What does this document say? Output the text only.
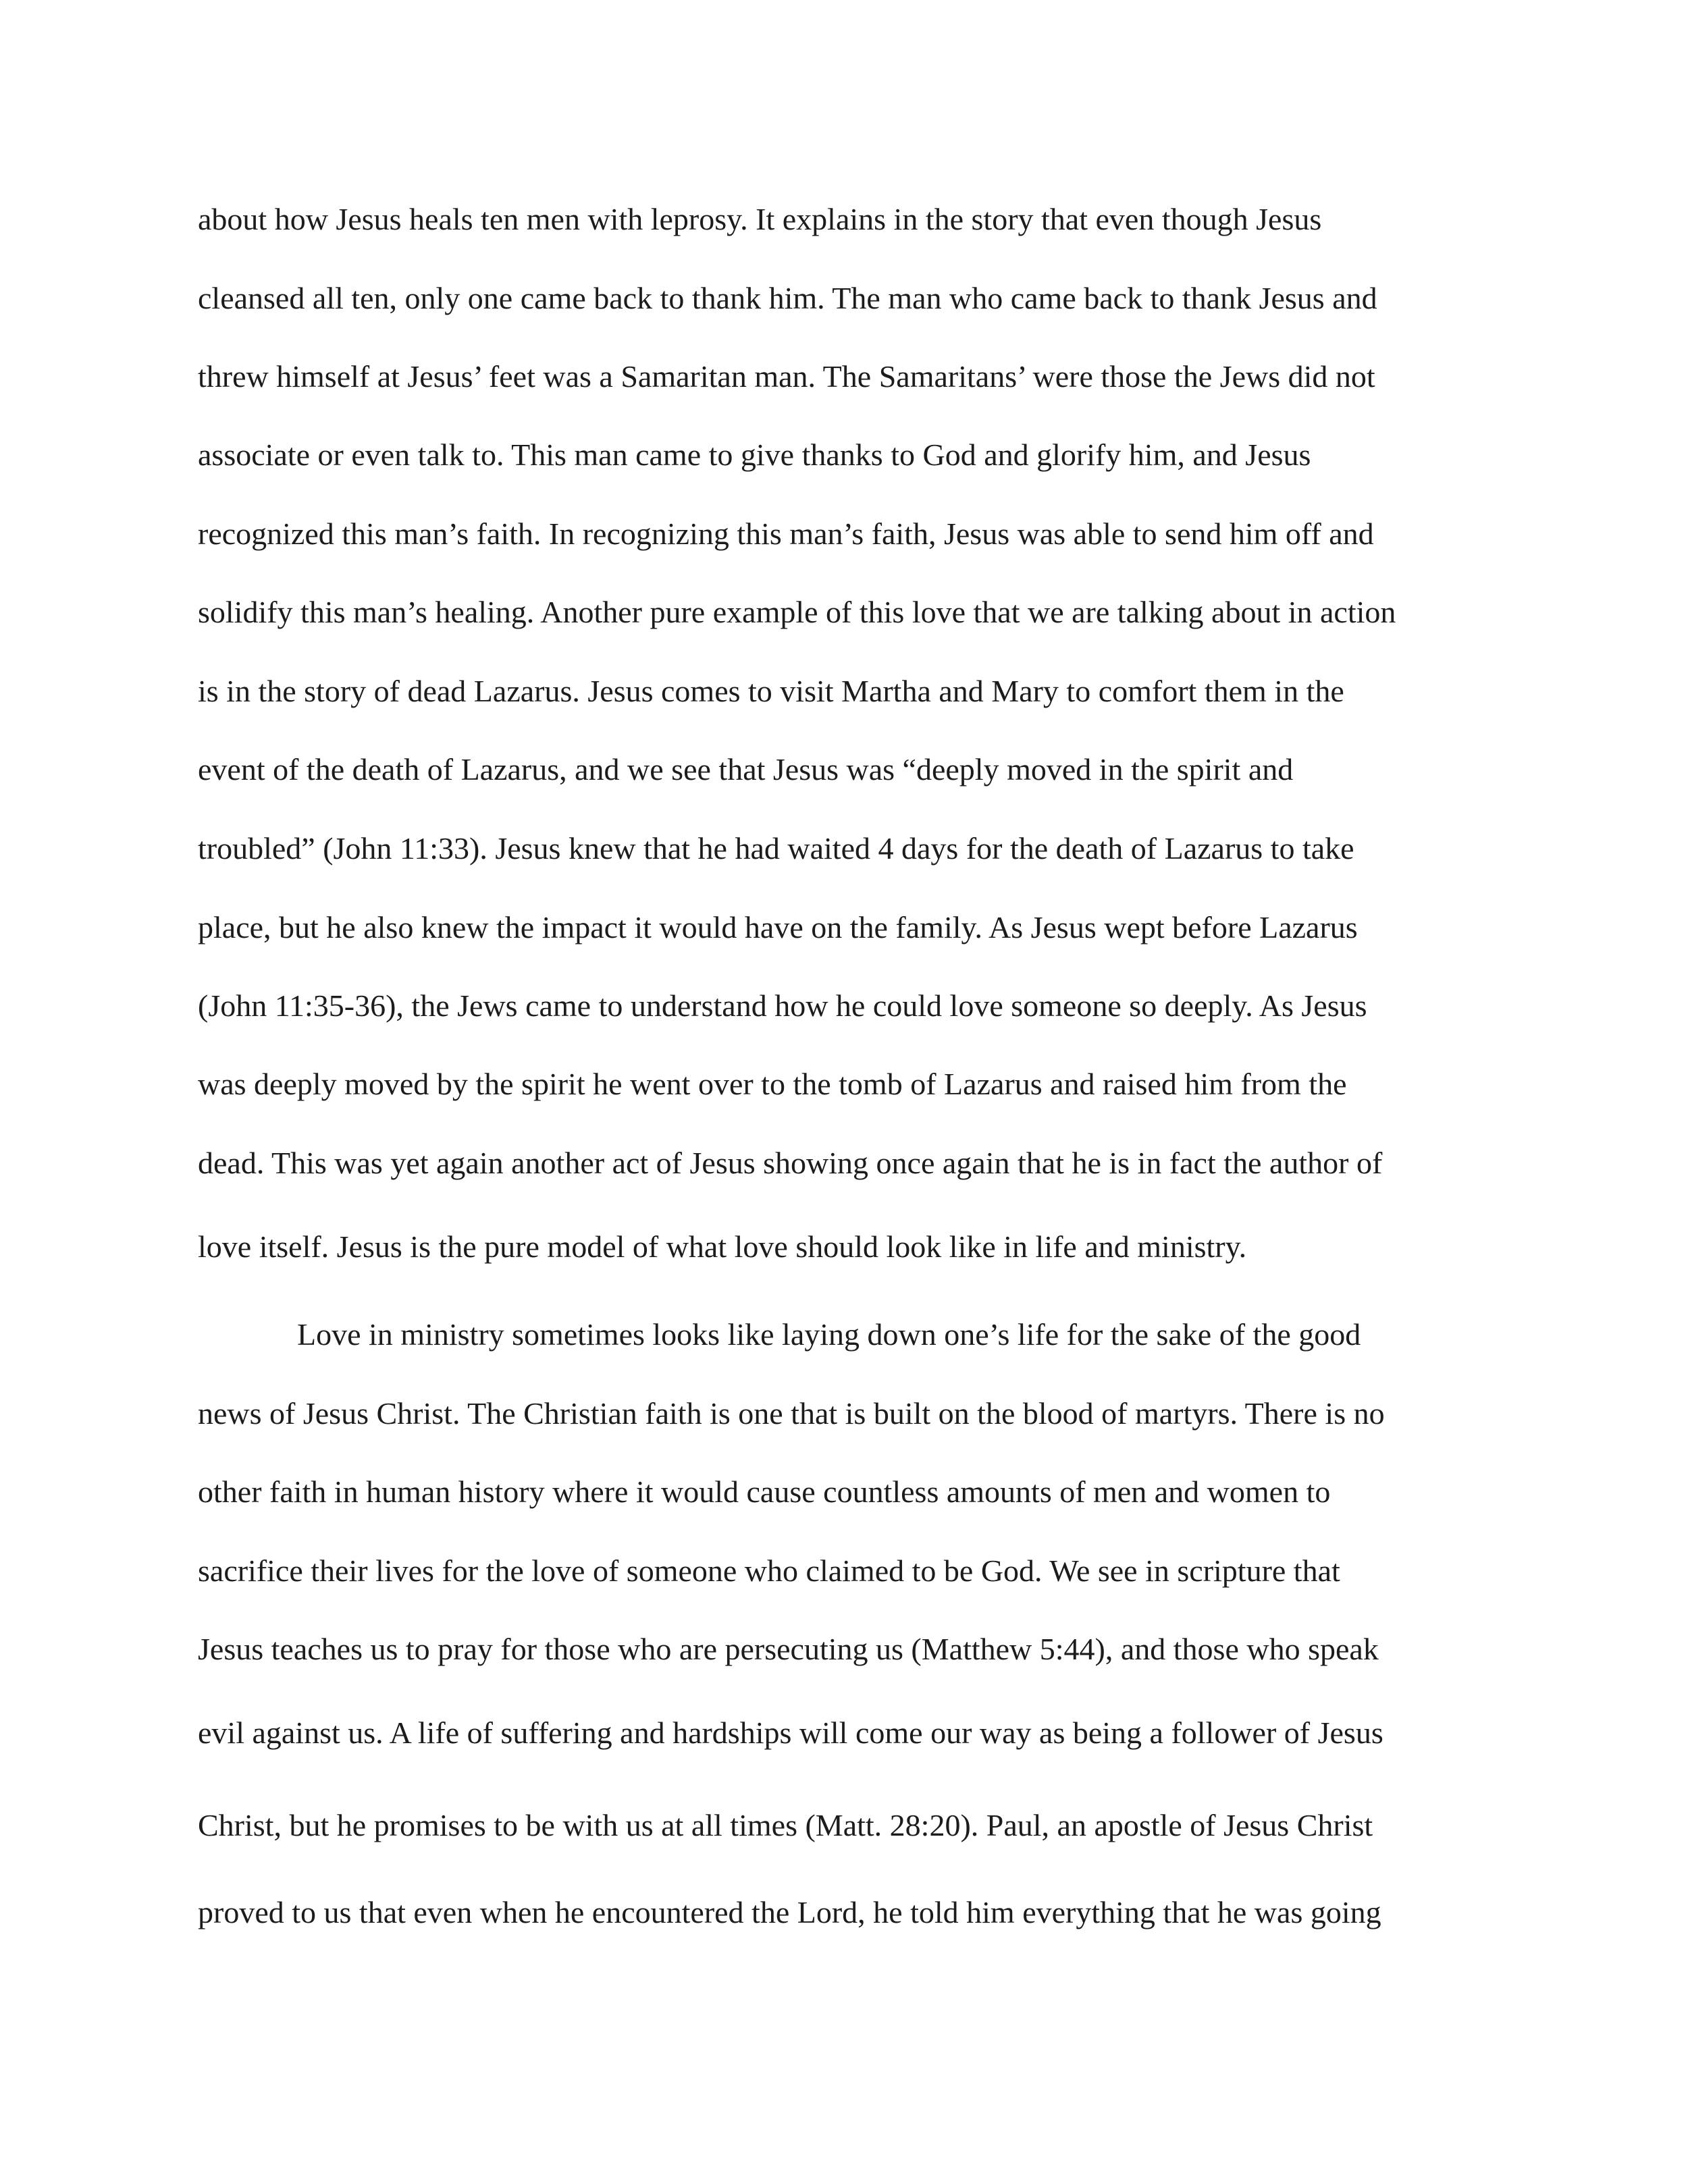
about how Jesus heals ten men with leprosy. It explains in the story that even though Jesus
cleansed all ten, only one came back to thank him. The man who came back to thank Jesus and
threw himself at Jesus’ feet was a Samaritan man. The Samaritans’ were those the Jews did not
associate or even talk to. This man came to give thanks to God and glorify him, and Jesus
recognized this man’s faith. In recognizing this man’s faith, Jesus was able to send him off and
solidify this man’s healing. Another pure example of this love that we are talking about in action
is in the story of dead Lazarus. Jesus comes to visit Martha and Mary to comfort them in the
event of the death of Lazarus, and we see that Jesus was “deeply moved in the spirit and
troubled” (John 11:33). Jesus knew that he had waited 4 days for the death of Lazarus to take
place, but he also knew the impact it would have on the family. As Jesus wept before Lazarus
(John 11:35-36), the Jews came to understand how he could love someone so deeply. As Jesus
was deeply moved by the spirit he went over to the tomb of Lazarus and raised him from the
dead. This was yet again another act of Jesus showing once again that he is in fact the author of
love itself. Jesus is the pure model of what love should look like in life and ministry.
Love in ministry sometimes looks like laying down one’s life for the sake of the good
news of Jesus Christ. The Christian faith is one that is built on the blood of martyrs. There is no
other faith in human history where it would cause countless amounts of men and women to
sacrifice their lives for the love of someone who claimed to be God. We see in scripture that
Jesus teaches us to pray for those who are persecuting us (Matthew 5:44), and those who speak
evil against us. A life of suffering and hardships will come our way as being a follower of Jesus
Christ, but he promises to be with us at all times (Matt. 28:20). Paul, an apostle of Jesus Christ
proved to us that even when he encountered the Lord, he told him everything that he was going
